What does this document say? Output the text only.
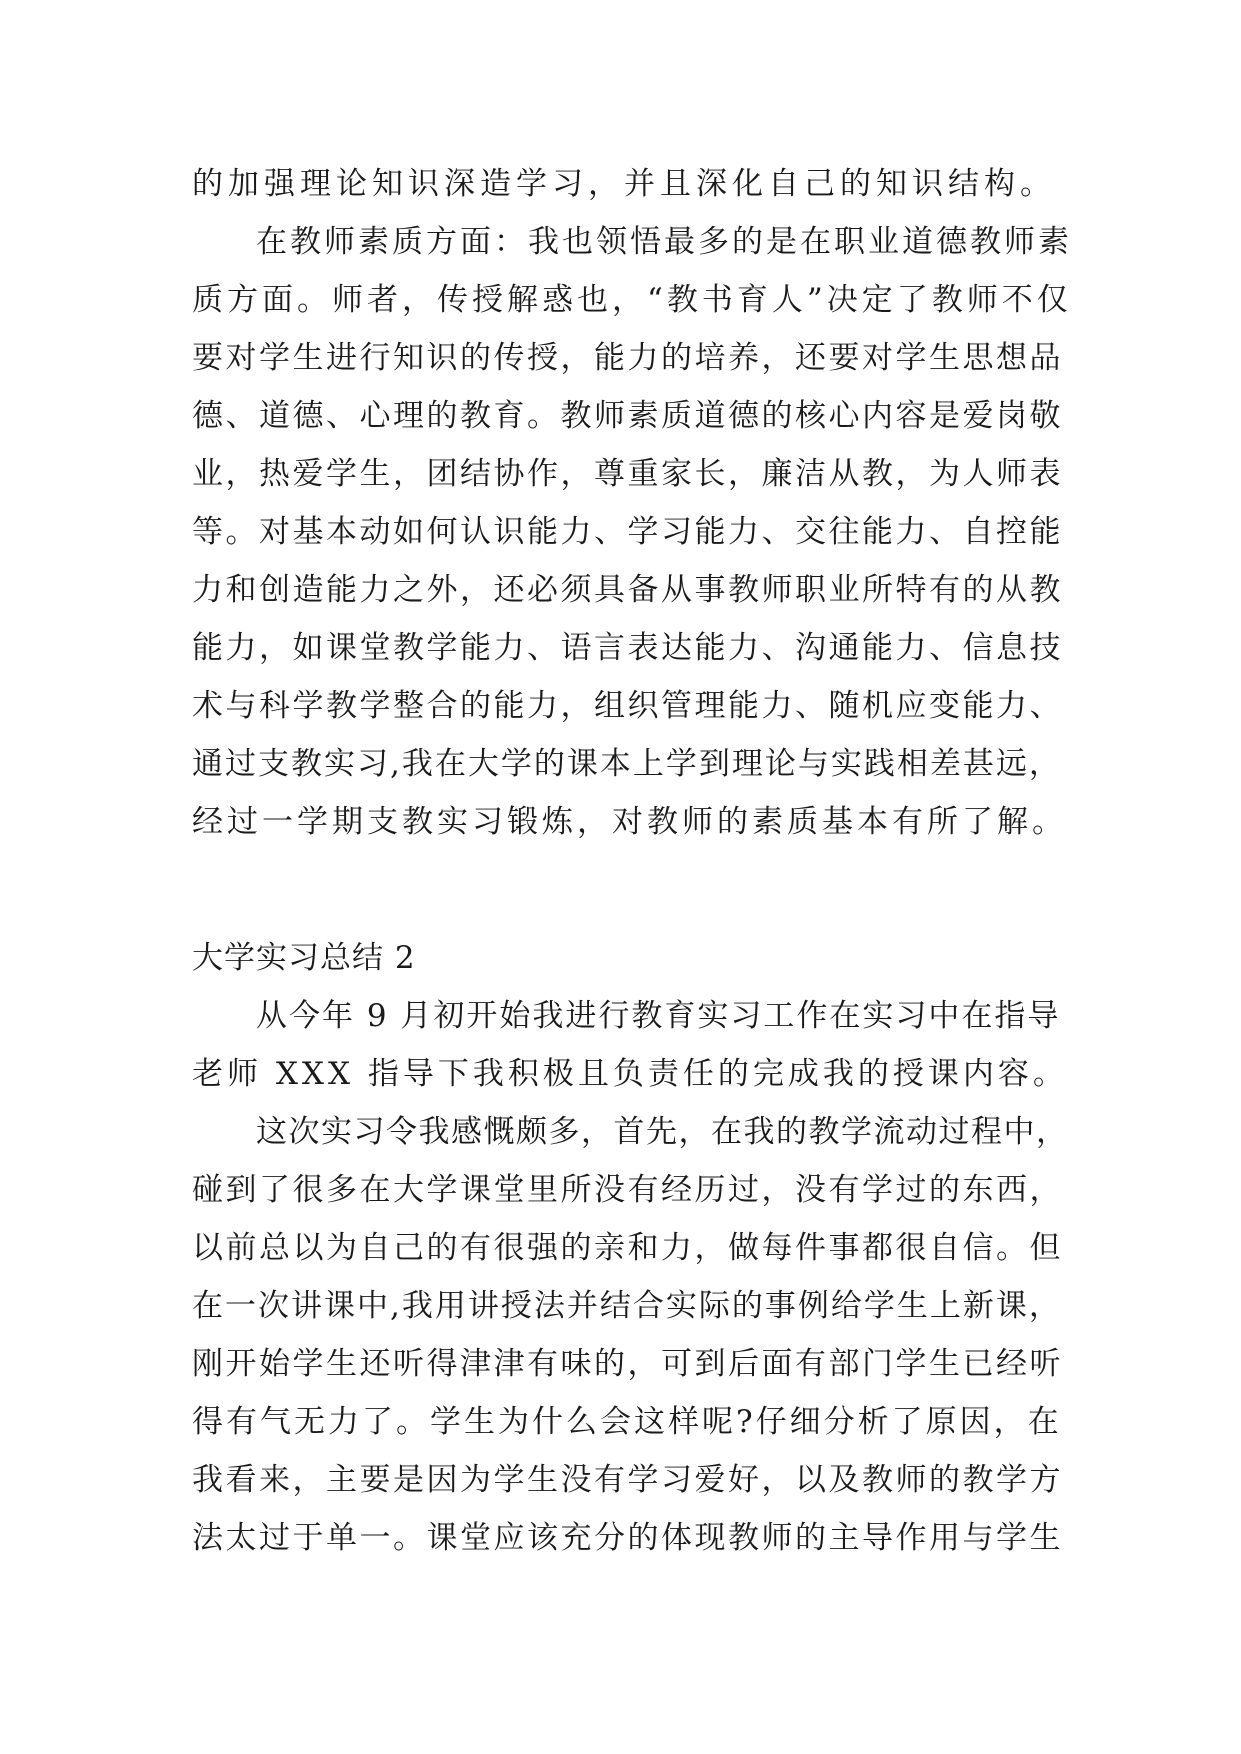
的加强理论知识深造学习，并且深化自己的知识结构。
在教师素质方面：我也领悟最多的是在职业道德教师素
质方面。师者，传授解惑也，“教书育人”决定了教师不仅
要对学生进行知识的传授，能力的培养，还要对学生思想品
德、道德、心理的教育。教师素质道德的核心内容是爱岗敬
业，热爱学生，团结协作，尊重家长，廉洁从教，为人师表
等。对基本动如何认识能力、学习能力、交往能力、自控能
力和创造能力之外，还必须具备从事教师职业所特有的从教
能力，如课堂教学能力、语言表达能力、沟通能力、信息技
术与科学教学整合的能力，组织管理能力、随机应变能力、
通过支教实习,我在大学的课本上学到理论与实践相差甚远，
经过一学期支教实习锻炼，对教师的素质基本有所了解。
大学实习总结 2
从今年 9 月初开始我进行教育实习工作在实习中在指导
老师 XXX 指导下我积极且负责任的完成我的授课内容。
这次实习令我感慨颇多，首先，在我的教学流动过程中，
碰到了很多在大学课堂里所没有经历过，没有学过的东西，
以前总以为自己的有很强的亲和力，做每件事都很自信。但
在一次讲课中,我用讲授法并结合实际的事例给学生上新课，
刚开始学生还听得津津有味的，可到后面有部门学生已经听
得有气无力了。学生为什么会这样呢?仔细分析了原因，在
我看来，主要是因为学生没有学习爱好，以及教师的教学方
法太过于单一。课堂应该充分的体现教师的主导作用与学生
